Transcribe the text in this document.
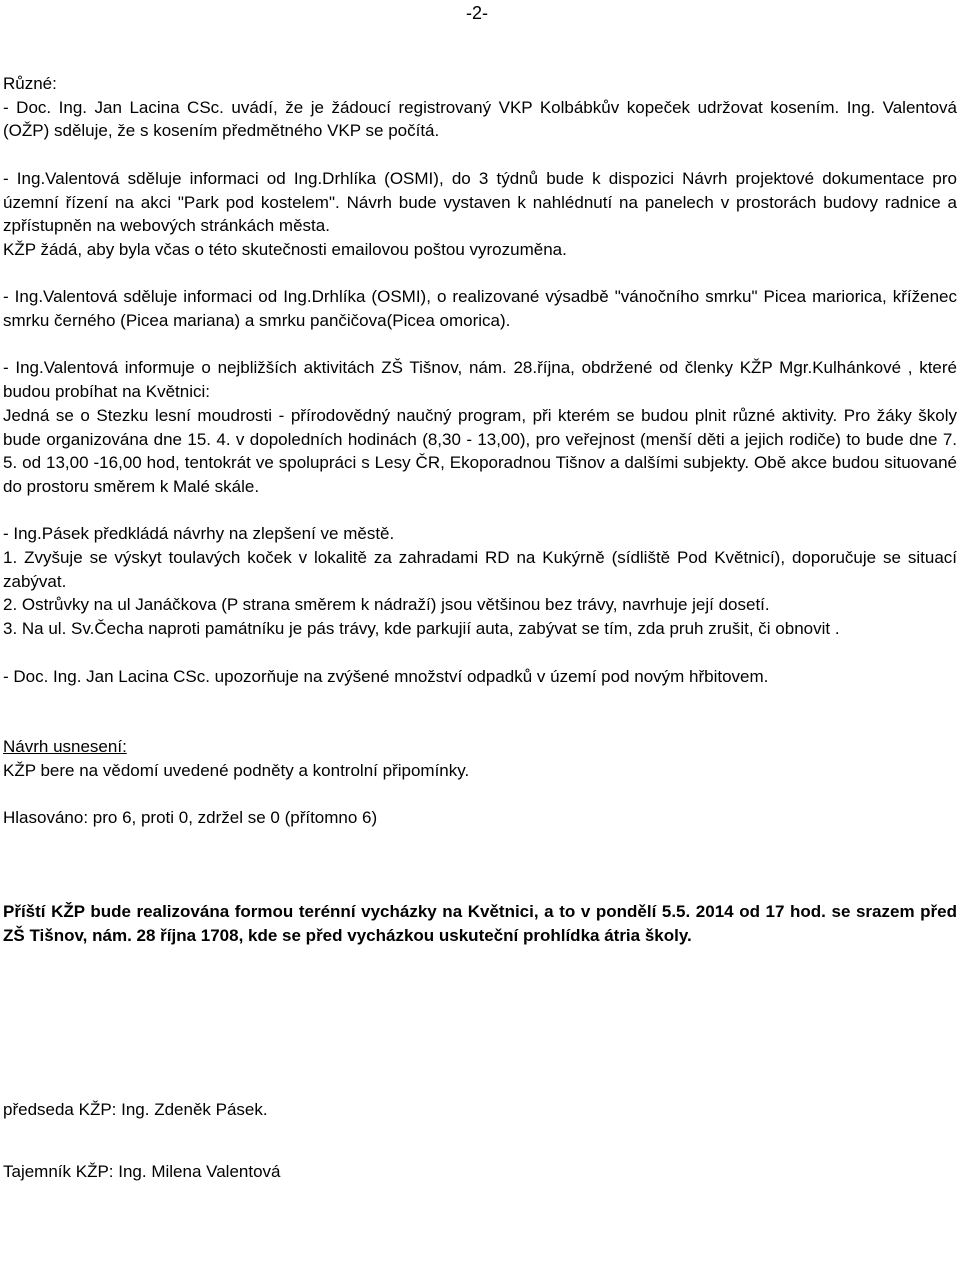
-2-

Různé:

- Doc. Ing. Jan Lacina CSc. uvádí, že je žádoucí registrovaný VKP Kolbábkův kopeček udržovat kosením. Ing. Valentová (OŽP) sděluje, že s kosením předmětného VKP se počítá.

- Ing.Valentová sděluje informaci od Ing.Drhlíka (OSMI), do 3 týdnů bude k dispozici Návrh projektové dokumentace pro územní řízení na akci "Park pod kostelem". Návrh bude vystaven k nahlédnutí na panelech v prostorách budovy radnice a zpřístupněn na webových stránkách města.

KŽP žádá, aby byla včas o této skutečnosti emailovou poštou vyrozuměna.

- Ing.Valentová sděluje informaci od Ing.Drhlíka (OSMI), o realizované výsadbě "vánočního smrku" Picea mariorica, kříženec smrku černého (Picea mariana) a smrku pančičova(Picea omorica).

- Ing.Valentová informuje o nejbližších aktivitách ZŠ Tišnov, nám. 28.října, obdržené od členky KŽP Mgr.Kulhánkové , které budou probíhat na Květnici:

Jedná se o Stezku lesní moudrosti - přírodovědný naučný program, při kterém se budou plnit různé aktivity. Pro žáky školy bude organizována dne 15. 4. v dopoledních hodinách (8,30 - 13,00), pro veřejnost (menší děti a jejich rodiče) to bude dne 7. 5. od 13,00 -16,00 hod, tentokrát ve spolupráci s Lesy ČR, Ekoporadnou Tišnov a dalšími subjekty. Obě akce budou situované do prostoru směrem k Malé skále.

- Ing.Pásek předkládá návrhy na zlepšení ve městě.

1. Zvyšuje se výskyt toulavých koček v lokalitě za zahradami RD na Kukýrně (sídliště Pod Květnicí), doporučuje se situací zabývat.

2. Ostrůvky na ul Janáčkova (P strana směrem k nádraží) jsou většinou bez trávy, navrhuje její dosetí.

3. Na ul. Sv.Čecha naproti památníku je pás trávy, kde parkujií auta, zabývat se tím, zda pruh zrušit, či obnovit .

- Doc. Ing. Jan Lacina CSc. upozorňuje na zvýšené množství odpadků v území pod novým hřbitovem.

Návrh usnesení:

KŽP bere na vědomí uvedené podněty a kontrolní připomínky.

Hlasováno: pro 6, proti 0, zdržel se 0 (přítomno 6)

Příští KŽP bude realizována formou terénní vycházky na Květnici, a to v pondělí 5.5. 2014 od 17 hod. se srazem před ZŠ Tišnov, nám. 28 října 1708, kde se před vycházkou uskuteční prohlídka átria školy.

předseda KŽP: Ing. Zdeněk Pásek.

Tajemník KŽP: Ing. Milena Valentová
